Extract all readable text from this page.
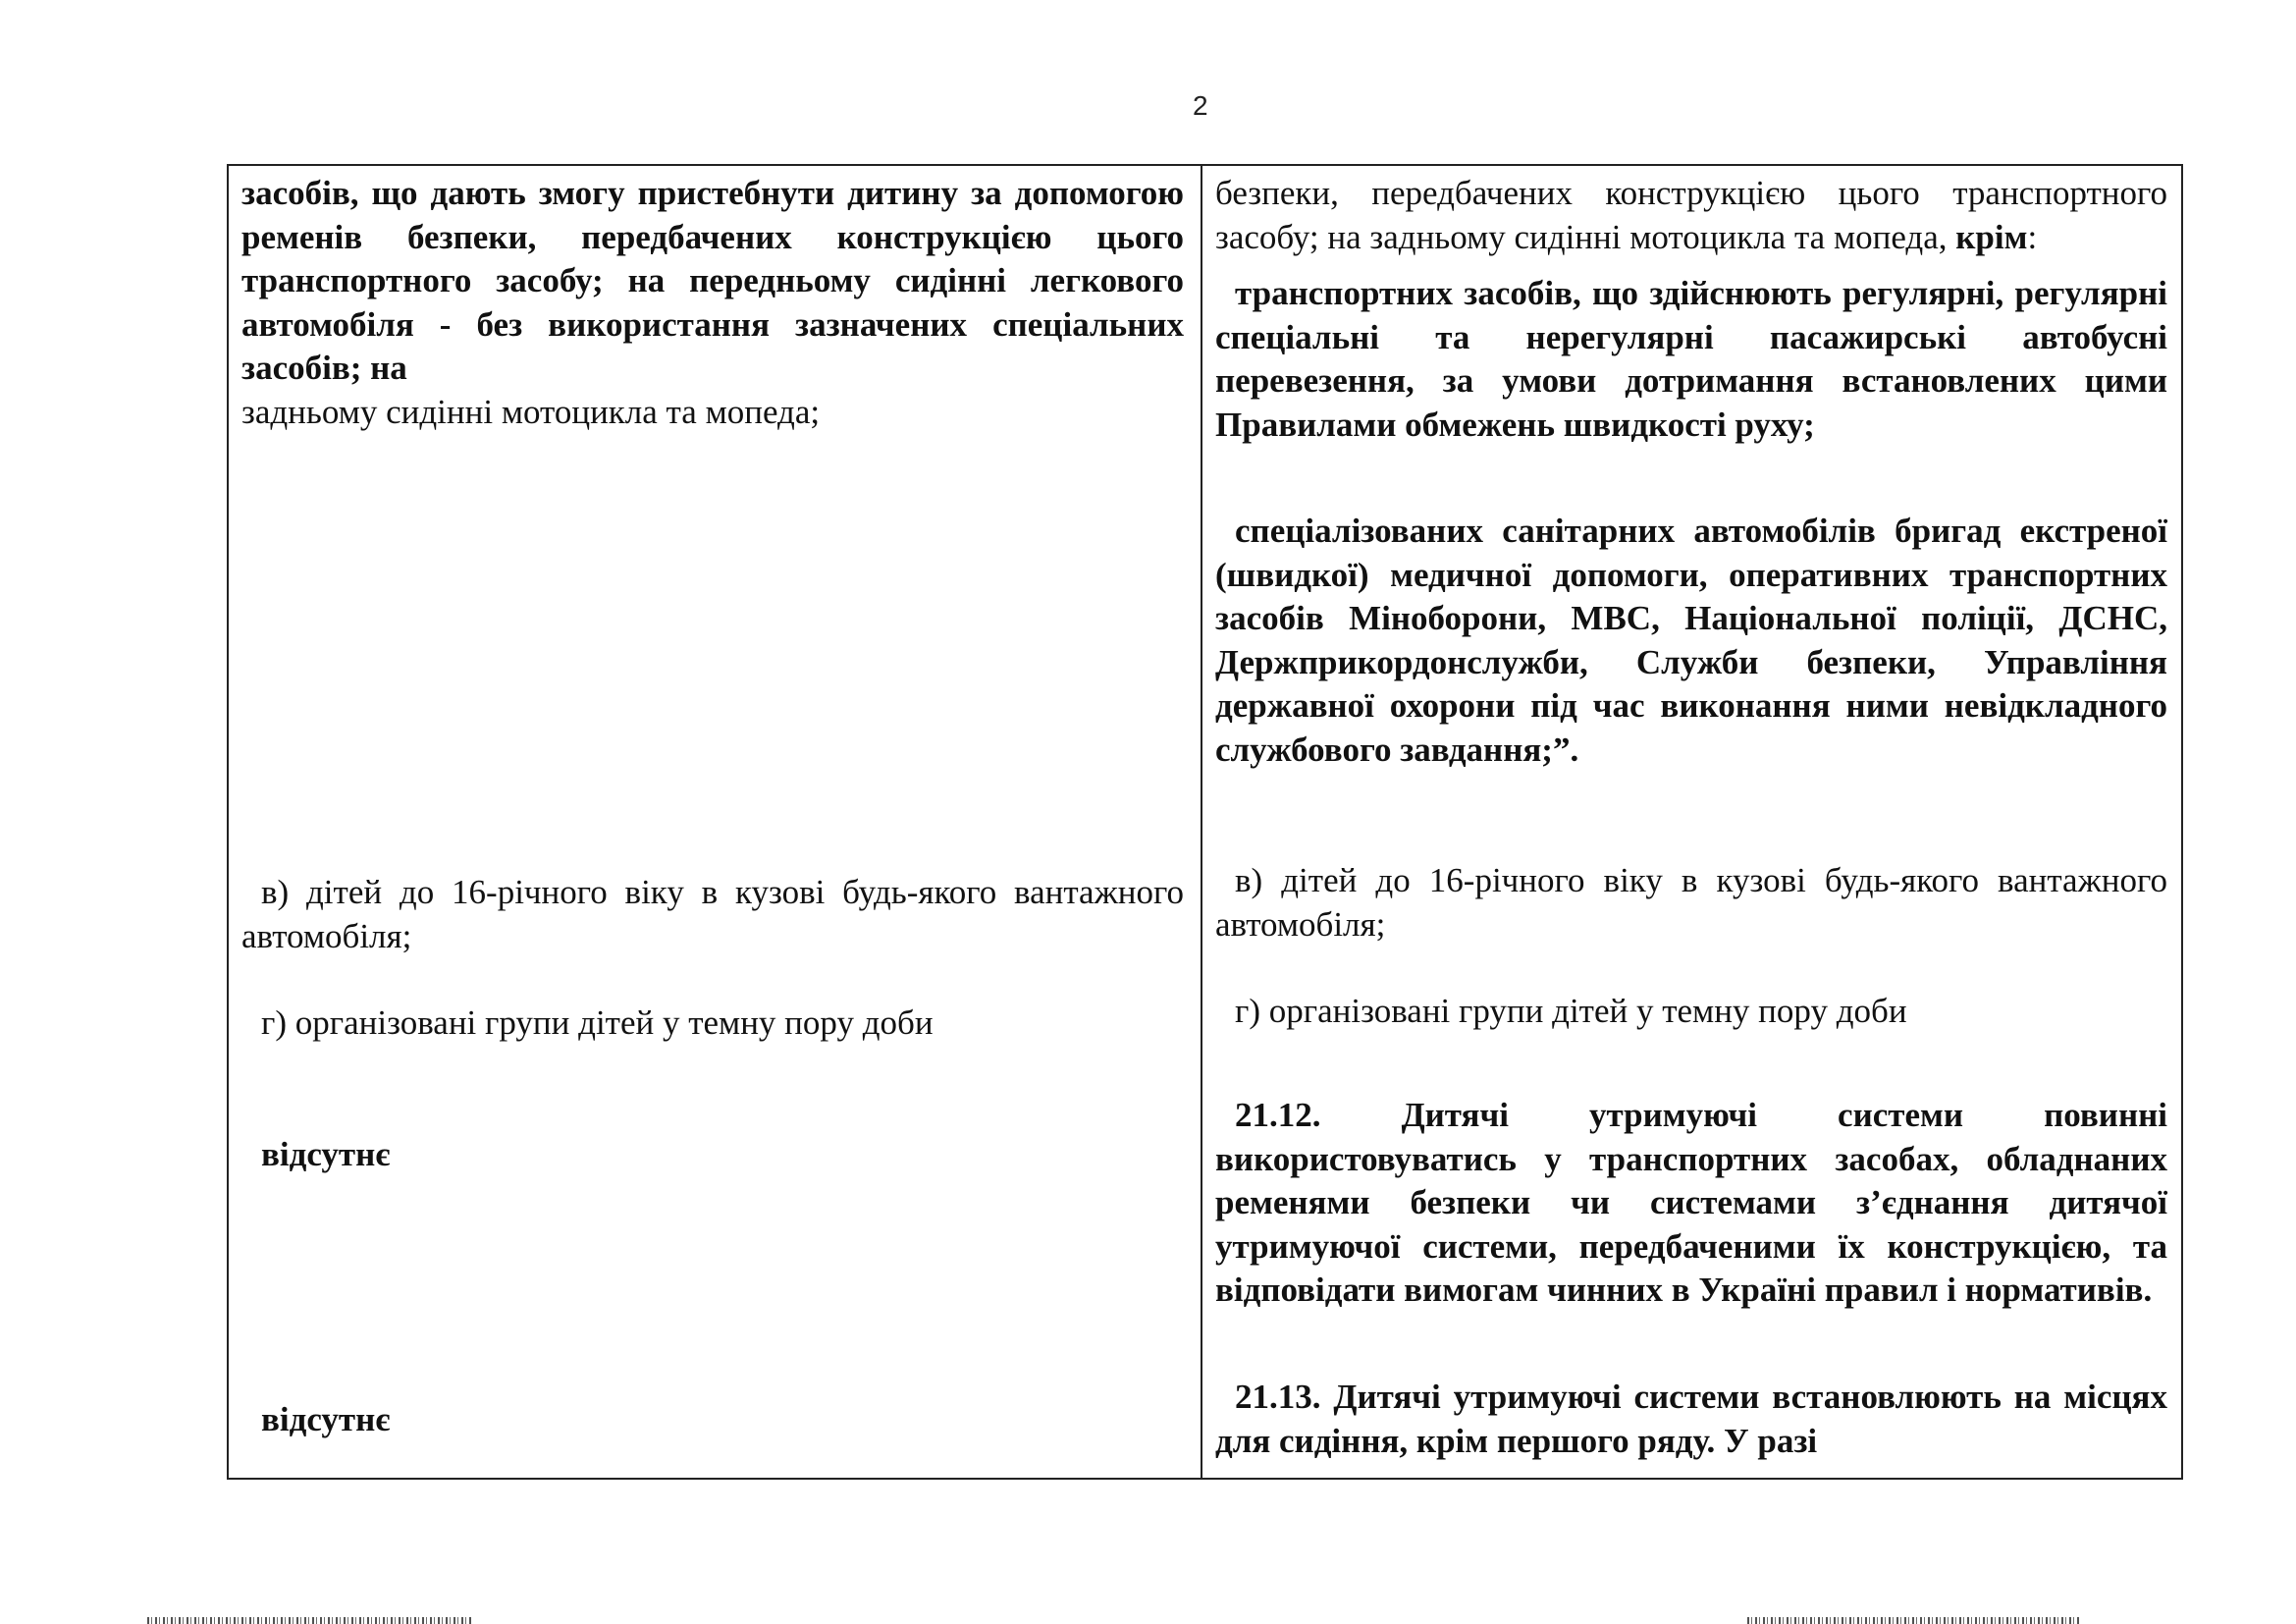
2
засобів, що дають змогу пристебнути дитину за допомогою ременів безпеки, передбачених конструкцією цього транспортного засобу; на передньому сидінні легкового автомобіля - без використання зазначених спеціальних засобів; на
задньому сидінні мотоцикла та мопеда;
в) дітей до 16-річного віку в кузові будь-якого вантажного автомобіля;
г) організовані групи дітей у темну пору доби
відсутнє
відсутнє
безпеки, передбачених конструкцією цього транспортного засобу; на задньому сидінні мотоцикла та мопеда, крім:
транспортних засобів, що здійснюють регулярні, регулярні спеціальні та нерегулярні пасажирські автобусні перевезення, за умови дотримання встановлених цими Правилами обмежень швидкості руху;
спеціалізованих санітарних автомобілів бригад екстреної (швидкої) медичної допомоги, оперативних транспортних засобів Міноборони, МВС, Національної поліції, ДСНС, Держприкордонслужби, Служби безпеки, Управління державної охорони під час виконання ними невідкладного службового завдання;”.
в) дітей до 16-річного віку в кузові будь-якого вантажного автомобіля;
г) організовані групи дітей у темну пору доби
21.12. Дитячі утримуючі системи повинні використовуватись у транспортних засобах, обладнаних ременями безпеки чи системами з’єднання дитячої утримуючої системи, передбаченими їх конструкцією, та відповідати вимогам чинних в Україні правил і нормативів.
21.13. Дитячі утримуючі системи встановлюють на місцях для сидіння, крім першого ряду. У разі
